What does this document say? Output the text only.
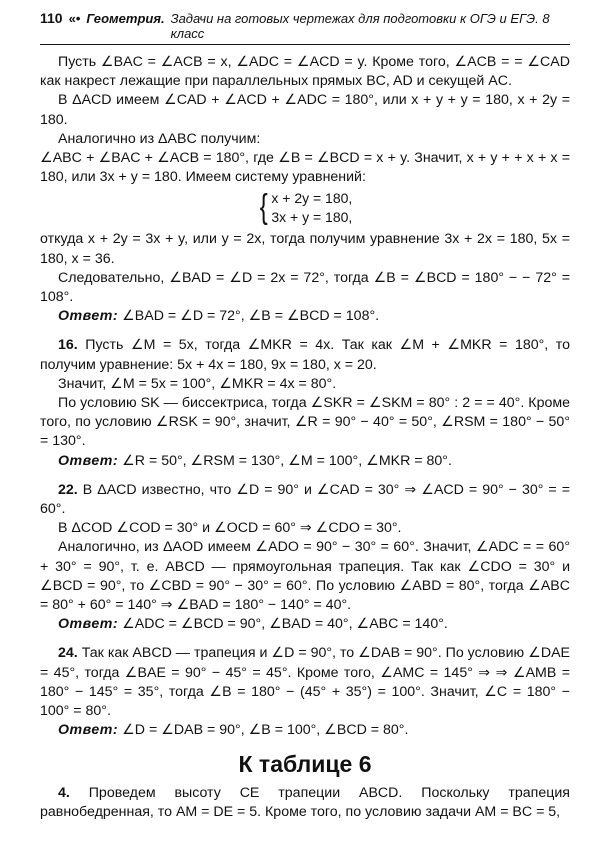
110 «• Геометрия. Задачи на готовых чертежах для подготовки к ОГЭ и ЕГЭ. 8 класс

Пусть ∠BAC = ∠ACB = x, ∠ADC = ∠ACD = y. Кроме того, ∠ACB = = ∠CAD как накрест лежащие при параллельных прямых BC, AD и секущей AC.

В ΔACD имеем ∠CAD + ∠ACD + ∠ADC = 180°, или x + y + y = 180, x + 2y = 180.

Аналогично из ΔABC получим:

∠ABC + ∠BAC + ∠ACB = 180°, где ∠B = ∠BCD = x + y. Значит, x + y + + x + x = 180, или 3x + y = 180. Имеем систему уравнений:

{ x + 2y = 180,
3x + y = 180,

откуда x + 2y = 3x + y, или y = 2x, тогда получим уравнение 3x + 2x = 180, 5x = 180, x = 36.

Следовательно, ∠BAD = ∠D = 2x = 72°, тогда ∠B = ∠BCD = 180° − − 72° = 108°.

Ответ: ∠BAD = ∠D = 72°, ∠B = ∠BCD = 108°.

16. Пусть ∠M = 5x, тогда ∠MKR = 4x. Так как ∠M + ∠MKR = 180°, то получим уравнение: 5x + 4x = 180, 9x = 180, x = 20.

Значит, ∠M = 5x = 100°, ∠MKR = 4x = 80°.

По условию SK — биссектриса, тогда ∠SKR = ∠SKM = 80° : 2 = = 40°. Кроме того, по условию ∠RSK = 90°, значит, ∠R = 90° − 40° = 50°, ∠RSM = 180° − 50° = 130°.

Ответ: ∠R = 50°, ∠RSM = 130°, ∠M = 100°, ∠MKR = 80°.

22. В ΔACD известно, что ∠D = 90° и ∠CAD = 30° ⇒ ∠ACD = 90° − 30° = = 60°.

В ΔCOD ∠COD = 30° и ∠OCD = 60° ⇒ ∠CDO = 30°.

Аналогично, из ΔAOD имеем ∠ADO = 90° − 30° = 60°. Значит, ∠ADC = = 60° + 30° = 90°, т. е. ABCD — прямоугольная трапеция. Так как ∠CDO = 30° и ∠BCD = 90°, то ∠CBD = 90° − 30° = 60°. По условию ∠ABD = 80°, тогда ∠ABC = 80° + 60° = 140° ⇒ ∠BAD = 180° − 140° = 40°.

Ответ: ∠ADC = ∠BCD = 90°, ∠BAD = 40°, ∠ABC = 140°.

24. Так как ABCD — трапеция и ∠D = 90°, то ∠DAB = 90°. По условию ∠DAE = 45°, тогда ∠BAE = 90° − 45° = 45°. Кроме того, ∠AMC = 145° ⇒ ⇒ ∠AMB = 180° − 145° = 35°, тогда ∠B = 180° − (45° + 35°) = 100°. Значит, ∠C = 180° − 100° = 80°.

Ответ: ∠D = ∠DAB = 90°, ∠B = 100°, ∠BCD = 80°.

К таблице 6

4. Проведем высоту CE трапеции ABCD. Поскольку трапеция равнобедренная, то AM = DE = 5. Кроме того, по условию задачи AM = BC = 5,
